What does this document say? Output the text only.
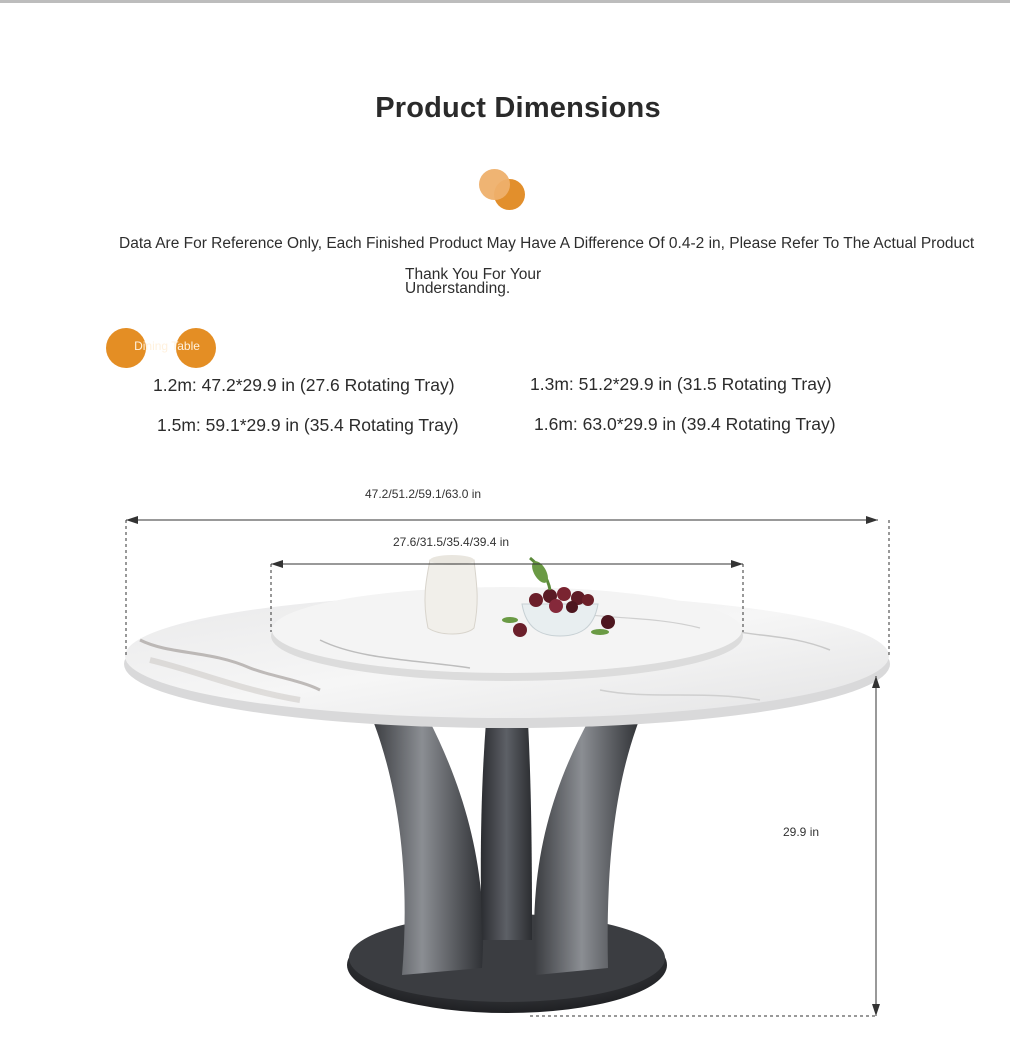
Product Dimensions
Data Are For Reference Only, Each Finished Product May Have A Difference Of 0.4-2 in, Please Refer To The Actual Product
Thank You For Your
Understanding.
Dining Table
1.2m: 47.2*29.9 in (27.6 Rotating Tray)	1.3m: 51.2*29.9 in (31.5 Rotating Tray)
1.5m: 59.1*29.9 in (35.4 Rotating Tray)	1.6m: 63.0*29.9 in (39.4 Rotating Tray)
47.2/51.2/59.1/63.0 in
27.6/31.5/35.4/39.4 in
29.9 in
